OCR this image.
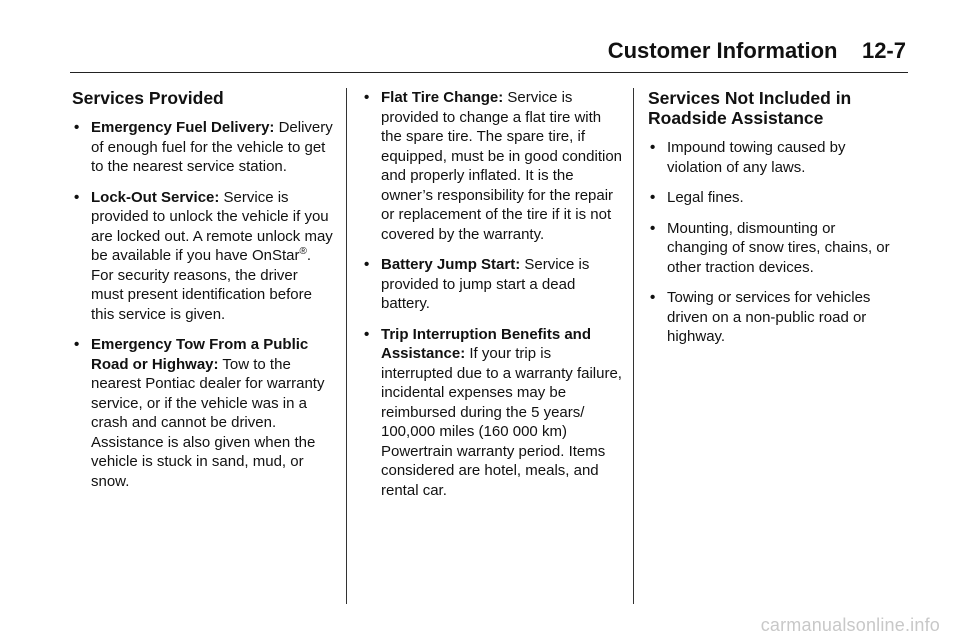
Customer Information 12-7
Services Provided
• Emergency Fuel Delivery: Delivery of enough fuel for the vehicle to get to the nearest service station.
• Lock-Out Service: Service is provided to unlock the vehicle if you are locked out. A remote unlock may be available if you have OnStar®. For security reasons, the driver must present identification before this service is given.
• Emergency Tow From a Public Road or Highway: Tow to the nearest Pontiac dealer for warranty service, or if the vehicle was in a crash and cannot be driven. Assistance is also given when the vehicle is stuck in sand, mud, or snow.
• Flat Tire Change: Service is provided to change a flat tire with the spare tire. The spare tire, if equipped, must be in good condition and properly inflated. It is the owner’s responsibility for the repair or replacement of the tire if it is not covered by the warranty.
• Battery Jump Start: Service is provided to jump start a dead battery.
• Trip Interruption Benefits and Assistance: If your trip is interrupted due to a warranty failure, incidental expenses may be reimbursed during the 5 years/ 100,000 miles (160 000 km) Powertrain warranty period. Items considered are hotel, meals, and rental car.
Services Not Included in Roadside Assistance
• Impound towing caused by violation of any laws.
• Legal fines.
• Mounting, dismounting or changing of snow tires, chains, or other traction devices.
• Towing or services for vehicles driven on a non-public road or highway.
carmanualsonline.info
